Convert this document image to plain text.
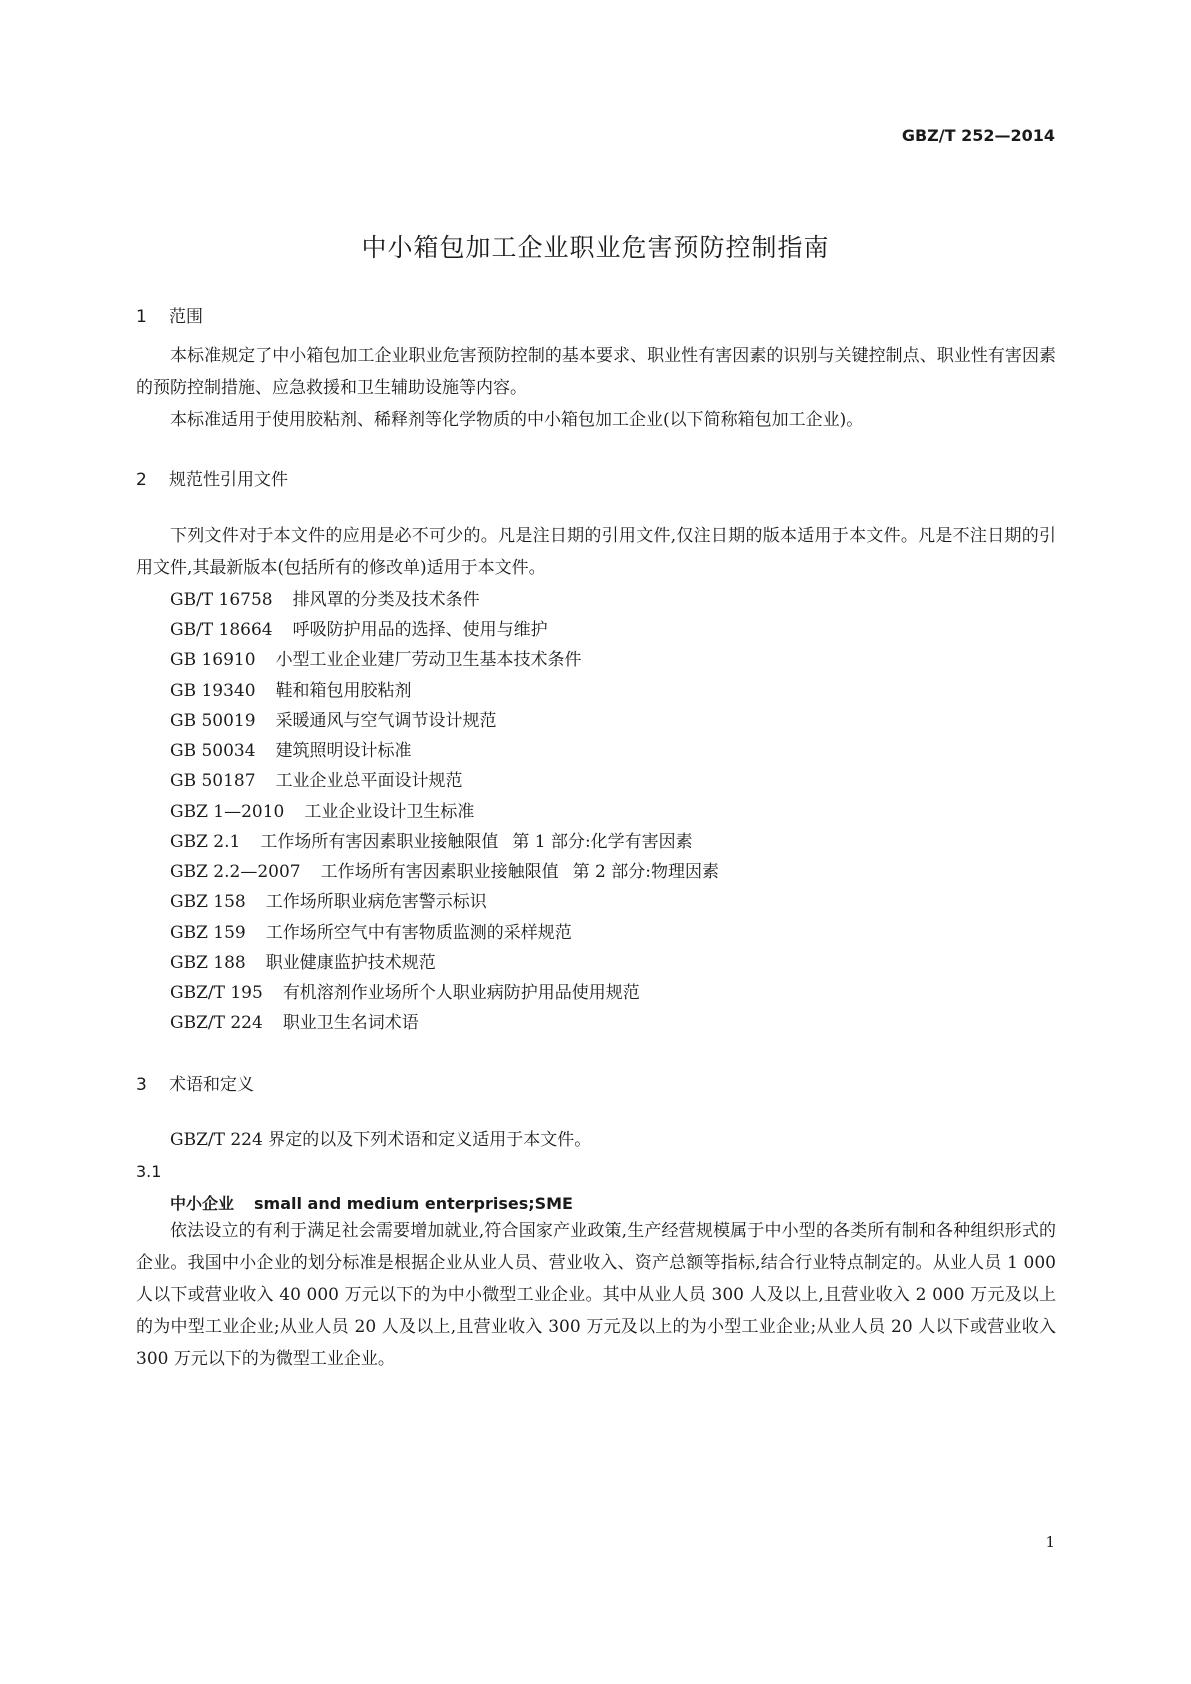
GBZ/T 252—2014
中小箱包加工企业职业危害预防控制指南
1 范围
本标准规定了中小箱包加工企业职业危害预防控制的基本要求、职业性有害因素的识别与关键控制点、职业性有害因素的预防控制措施、应急救援和卫生辅助设施等内容。
本标准适用于使用胶粘剂、稀释剂等化学物质的中小箱包加工企业(以下简称箱包加工企业)。
2 规范性引用文件
下列文件对于本文件的应用是必不可少的。凡是注日期的引用文件,仅注日期的版本适用于本文件。凡是不注日期的引用文件,其最新版本(包括所有的修改单)适用于本文件。
GB/T 16758 排风罩的分类及技术条件
GB/T 18664 呼吸防护用品的选择、使用与维护
GB 16910 小型工业企业建厂劳动卫生基本技术条件
GB 19340 鞋和箱包用胶粘剂
GB 50019 采暖通风与空气调节设计规范
GB 50034 建筑照明设计标准
GB 50187 工业企业总平面设计规范
GBZ 1—2010 工业企业设计卫生标准
GBZ 2.1 工作场所有害因素职业接触限值 第 1 部分:化学有害因素
GBZ 2.2—2007 工作场所有害因素职业接触限值 第 2 部分:物理因素
GBZ 158 工作场所职业病危害警示标识
GBZ 159 工作场所空气中有害物质监测的采样规范
GBZ 188 职业健康监护技术规范
GBZ/T 195 有机溶剂作业场所个人职业病防护用品使用规范
GBZ/T 224 职业卫生名词术语
3 术语和定义
GBZ/T 224 界定的以及下列术语和定义适用于本文件。
3.1
中小企业 small and medium enterprises;SME
依法设立的有利于满足社会需要增加就业,符合国家产业政策,生产经营规模属于中小型的各类所有制和各种组织形式的企业。我国中小企业的划分标准是根据企业从业人员、营业收入、资产总额等指标,结合行业特点制定的。从业人员 1 000 人以下或营业收入 40 000 万元以下的为中小微型工业企业。其中从业人员 300 人及以上,且营业收入 2 000 万元及以上的为中型工业企业;从业人员 20 人及以上,且营业收入 300 万元及以上的为小型工业企业;从业人员 20 人以下或营业收入 300 万元以下的为微型工业企业。
1
